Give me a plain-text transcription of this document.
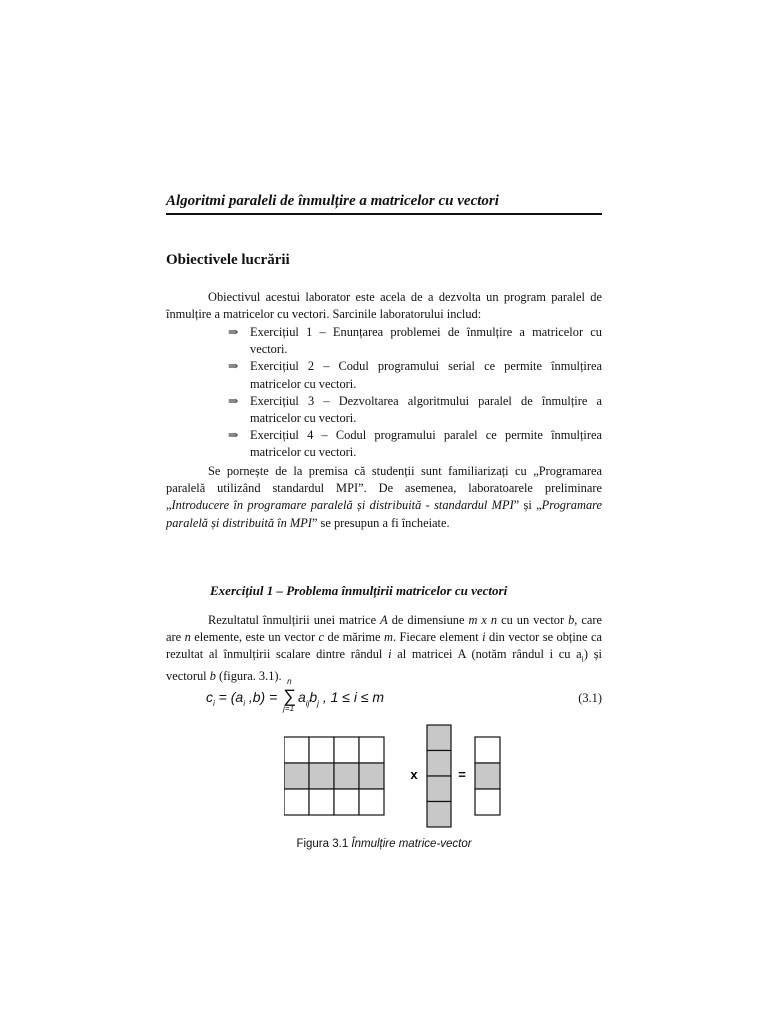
Algoritmi paraleli de înmulțire a matricelor cu vectori
Obiectivele lucrării
Obiectivul acestui laborator este acela de a dezvolta un program paralel de înmulțire a matricelor cu vectori. Sarcinile laboratorului includ:
⇒ Exercițiul 1 – Enunțarea problemei de înmulțire a matricelor cu vectori.
⇒ Exercițiul 2 – Codul programului serial ce permite înmulțirea matricelor cu vectori.
⇒ Exercițiul 3 – Dezvoltarea algoritmului paralel de înmulțire a matricelor cu vectori.
⇒ Exercițiul 4 – Codul programului paralel ce permite înmulțirea matricelor cu vectori.
Se pornește de la premisa că studenții sunt familiarizați cu „Programarea paralelă utilizând standardul MPI”. De asemenea, laboratoarele preliminare „Introducere în programare paralelă și distribuită - standardul MPI” și „Programare paralelă și distribuită în MPI” se presupun a fi încheiate.
Exercițiul 1 – Problema înmulțirii matricelor cu vectori
Rezultatul înmulțirii unei matrice A de dimensiune m x n cu un vector b, care are n elemente, este un vector c de mărime m. Fiecare element i din vector se obține ca rezultat al înmulțirii scalare dintre rândul i al matricei A (notăm rândul i cu $a_i$) și vectorul b (figura. 3.1).
$c_i = (a_i$ ,b) =
n
∑
j=1
$a_{ij}b_j$ , 1 ≤ i ≤ m	(3.1)
x	=
Figura 3.1 Înmulțire matrice-vector
